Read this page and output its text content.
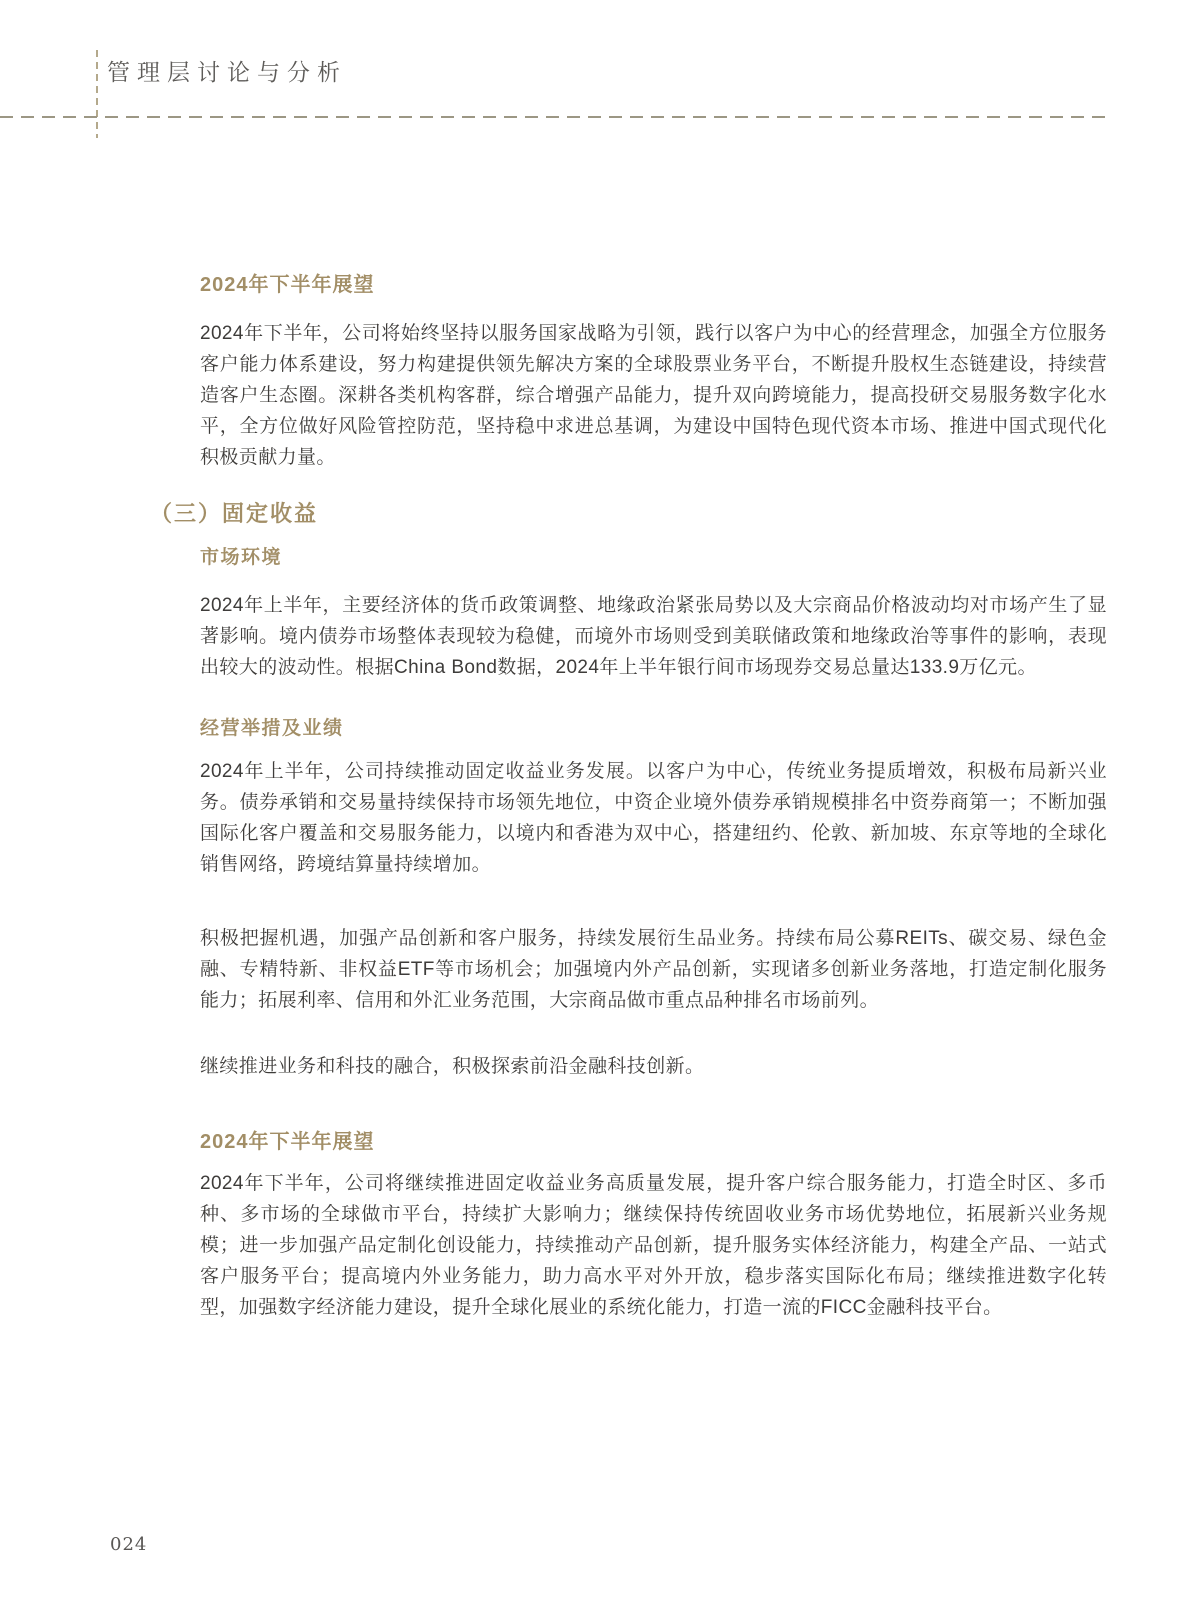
管理层讨论与分析
2024年下半年展望
2024年下半年，公司将始终坚持以服务国家战略为引领，践行以客户为中心的经营理念，加强全方位服务客户能力体系建设，努力构建提供领先解决方案的全球股票业务平台，不断提升股权生态链建设，持续营造客户生态圈。深耕各类机构客群，综合增强产品能力，提升双向跨境能力，提高投研交易服务数字化水平，全方位做好风险管控防范，坚持稳中求进总基调，为建设中国特色现代资本市场、推进中国式现代化积极贡献力量。
（三）固定收益
市场环境
2024年上半年，主要经济体的货币政策调整、地缘政治紧张局势以及大宗商品价格波动均对市场产生了显著影响。境内债券市场整体表现较为稳健，而境外市场则受到美联储政策和地缘政治等事件的影响，表现出较大的波动性。根据China Bond数据，2024年上半年银行间市场现券交易总量达133.9万亿元。
经营举措及业绩
2024年上半年，公司持续推动固定收益业务发展。以客户为中心，传统业务提质增效，积极布局新兴业务。债券承销和交易量持续保持市场领先地位，中资企业境外债券承销规模排名中资券商第一；不断加强国际化客户覆盖和交易服务能力，以境内和香港为双中心，搭建纽约、伦敦、新加坡、东京等地的全球化销售网络，跨境结算量持续增加。
积极把握机遇，加强产品创新和客户服务，持续发展衍生品业务。持续布局公募REITs、碳交易、绿色金融、专精特新、非权益ETF等市场机会；加强境内外产品创新，实现诸多创新业务落地，打造定制化服务能力；拓展利率、信用和外汇业务范围，大宗商品做市重点品种排名市场前列。
继续推进业务和科技的融合，积极探索前沿金融科技创新。
2024年下半年展望
2024年下半年，公司将继续推进固定收益业务高质量发展，提升客户综合服务能力，打造全时区、多币种、多市场的全球做市平台，持续扩大影响力；继续保持传统固收业务市场优势地位，拓展新兴业务规模；进一步加强产品定制化创设能力，持续推动产品创新，提升服务实体经济能力，构建全产品、一站式客户服务平台；提高境内外业务能力，助力高水平对外开放，稳步落实国际化布局；继续推进数字化转型，加强数字经济能力建设，提升全球化展业的系统化能力，打造一流的FICC金融科技平台。
024
